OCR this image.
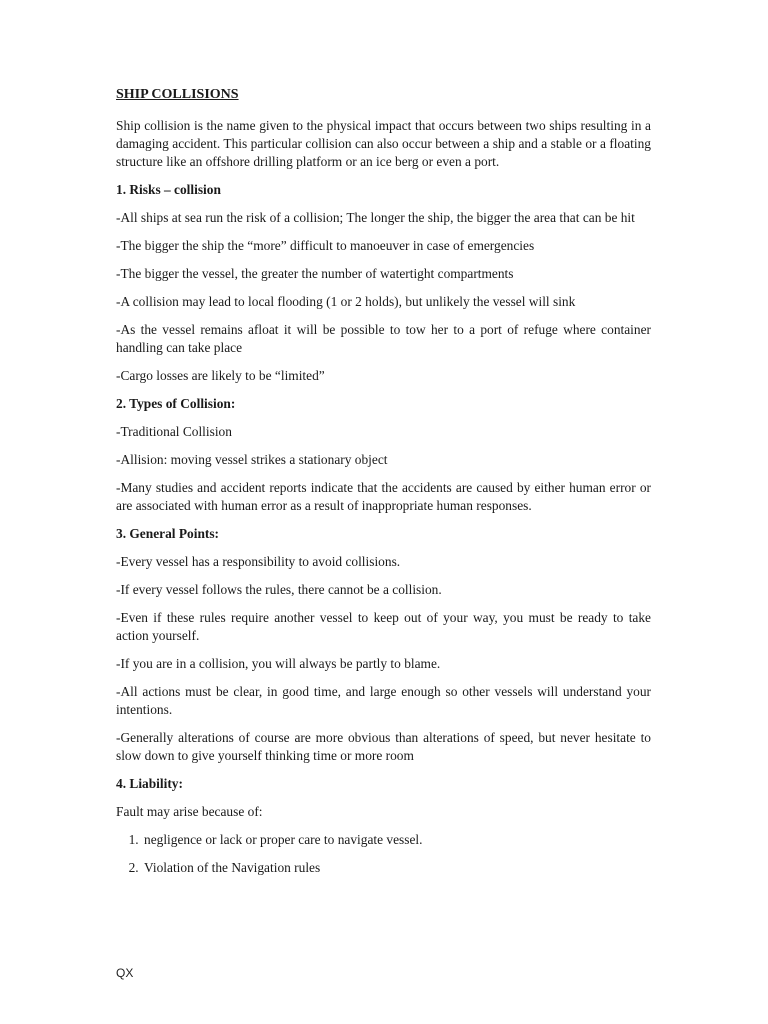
SHIP COLLISIONS

Ship collision is the name given to the physical impact that occurs between two ships resulting in a damaging accident. This particular collision can also occur between a ship and a stable or a floating structure like an offshore drilling platform or an ice berg or even a port.

1. Risks – collision

-All ships at sea run the risk of a collision; The longer the ship, the bigger the area that can be hit

-The bigger the ship the “more” difficult to manoeuver in case of emergencies

-The bigger the vessel, the greater the number of watertight compartments

-A collision may lead to local flooding (1 or 2 holds), but unlikely the vessel will sink

-As the vessel remains afloat it will be possible to tow her to a port of refuge where container handling can take place

-Cargo losses are likely to be “limited”

2. Types of Collision:

-Traditional Collision

-Allision: moving vessel strikes a stationary object

-Many studies and accident reports indicate that the accidents are caused by either human error or are associated with human error as a result of inappropriate human responses.

3. General Points:

-Every vessel has a responsibility to avoid collisions.

-If every vessel follows the rules, there cannot be a collision.

-Even if these rules require another vessel to keep out of your way, you must be ready to take action yourself.

-If you are in a collision, you will always be partly to blame.

-All actions must be clear, in good time, and large enough so other vessels will understand your intentions.

-Generally alterations of course are more obvious than alterations of speed, but never hesitate to slow down to give yourself thinking time or more room

4. Liability:

Fault may arise because of:

1. negligence or lack or proper care to navigate vessel.
2. Violation of the Navigation rules
QX
